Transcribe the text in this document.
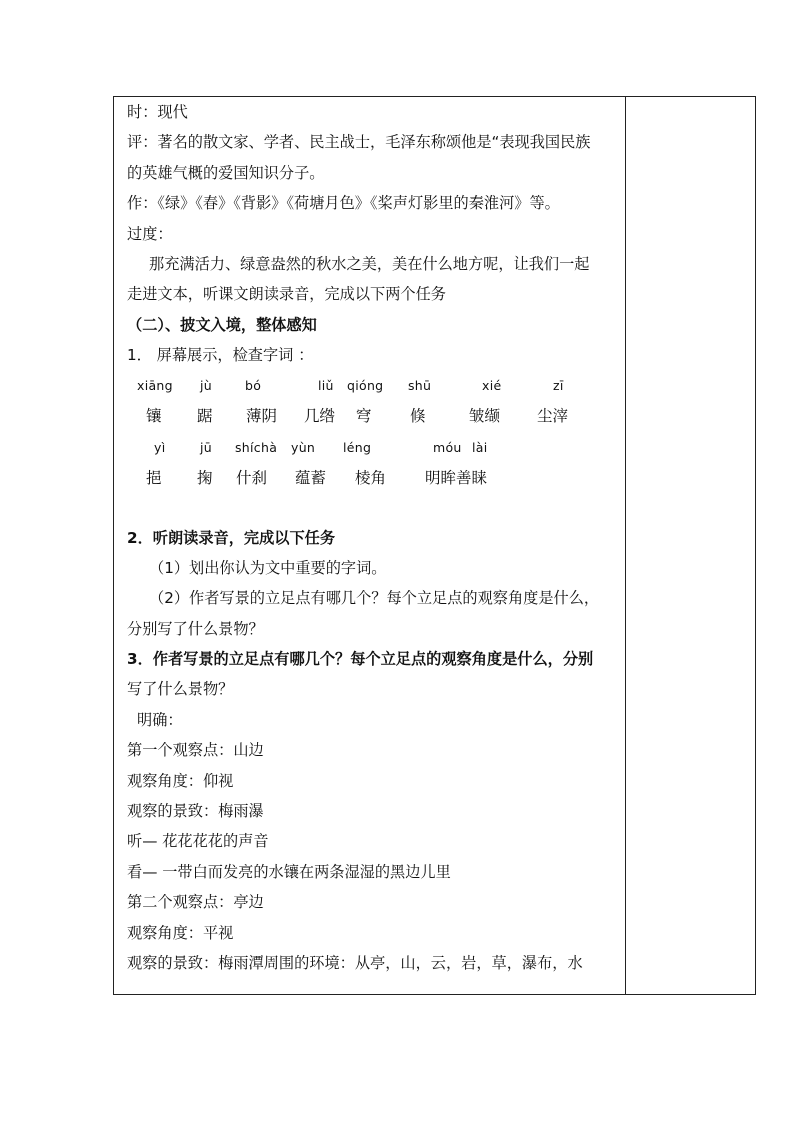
时：现代
评：著名的散文家、学者、民主战士，毛泽东称颂他是“表现我国民族
的英雄气概的爱国知识分子。
作：《绿》《春》《背影》《荷塘月色》《桨声灯影里的秦淮河》等。
过度：
那充满活力、绿意盎然的秋水之美，美在什么地方呢，让我们一起
走进文本，听课文朗读录音，完成以下两个任务
（二）、披文入境，整体感知
1． 屏幕展示，检查字词 ：
xiāng jù	bó	liǔ qióng shū	xié	zī
镶 踞 薄阴 几绺 穹 倏	皱缬 尘滓
yì	jū shíchà yùn léng	móu lài
挹 掬 什刹 蕴蓄 棱角	明眸善睐
2．听朗读录音，完成以下任务
（1）划出你认为文中重要的字词。
（2）作者写景的立足点有哪几个？每个立足点的观察角度是什么，
分别写了什么景物？
3．作者写景的立足点有哪几个？每个立足点的观察角度是什么，分别
写了什么景物？
明确：
第一个观察点：山边
观察角度：仰视
观察的景致：梅雨瀑
听— 花花花花的声音
看— 一带白而发亮的水镶在两条湿湿的黑边儿里
第二个观察点：亭边
观察角度：平视
观察的景致：梅雨潭周围的环境：从亭，山，云，岩，草，瀑布，水
